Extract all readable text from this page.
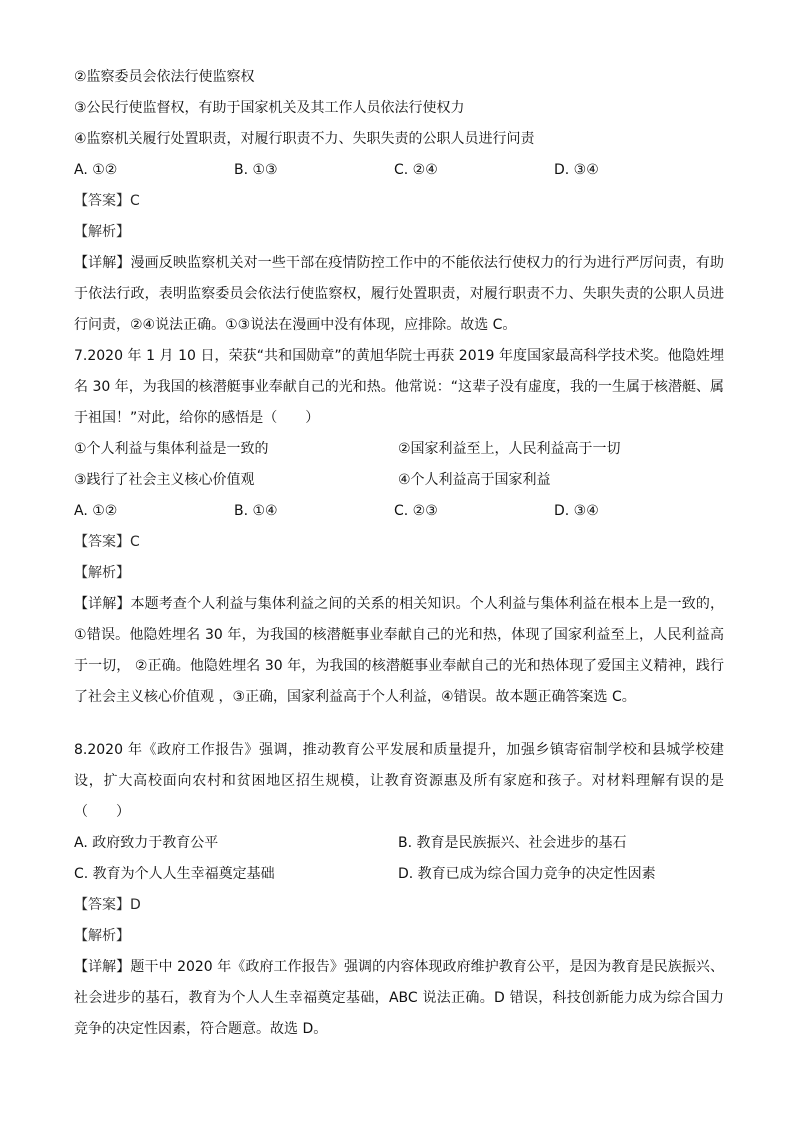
②监察委员会依法行使监察权
③公民行使监督权，有助于国家机关及其工作人员依法行使权力
④监察机关履行处置职责，对履行职责不力、失职失责的公职人员进行问责
A. ①②	B. ①③	C. ②④	D. ③④
【答案】C
【解析】
【详解】漫画反映监察机关对一些干部在疫情防控工作中的不能依法行使权力的行为进行严厉问责，有助于依法行政，表明监察委员会依法行使监察权，履行处置职责，对履行职责不力、失职失责的公职人员进行问责，②④说法正确。①③说法在漫画中没有体现，应排除。故选 C。
7.2020 年 1 月 10 日，荣获“共和国勋章”的黄旭华院士再获 2019 年度国家最高科学技术奖。他隐姓埋名 30 年，为我国的核潜艇事业奉献自己的光和热。他常说：“这辈子没有虚度，我的一生属于核潜艇、属于祖国！”对此，给你的感悟是（　　）
①个人利益与集体利益是一致的	②国家利益至上，人民利益高于一切
③践行了社会主义核心价值观	④个人利益高于国家利益
A. ①②	B. ①④	C. ②③	D. ③④
【答案】C
【解析】
【详解】本题考查个人利益与集体利益之间的关系的相关知识。个人利益与集体利益在根本上是一致的，①错误。他隐姓埋名 30 年，为我国的核潜艇事业奉献自己的光和热，体现了国家利益至上，人民利益高于一切， ②正确。他隐姓埋名 30 年，为我国的核潜艇事业奉献自己的光和热体现了爱国主义精神，践行了社会主义核心价值观 ，③正确，国家利益高于个人利益，④错误。故本题正确答案选 C。
8.2020 年《政府工作报告》强调，推动教育公平发展和质量提升，加强乡镇寄宿制学校和县城学校建设，扩大高校面向农村和贫困地区招生规模，让教育资源惠及所有家庭和孩子。对材料理解有误的是（　　）
A. 政府致力于教育公平	B. 教育是民族振兴、社会进步的基石
C. 教育为个人人生幸福奠定基础	D. 教育已成为综合国力竞争的决定性因素
【答案】D
【解析】
【详解】题干中 2020 年《政府工作报告》强调的内容体现政府维护教育公平，是因为教育是民族振兴、社会进步的基石，教育为个人人生幸福奠定基础，ABC 说法正确。D 错误，科技创新能力成为综合国力竞争的决定性因素，符合题意。故选 D。
